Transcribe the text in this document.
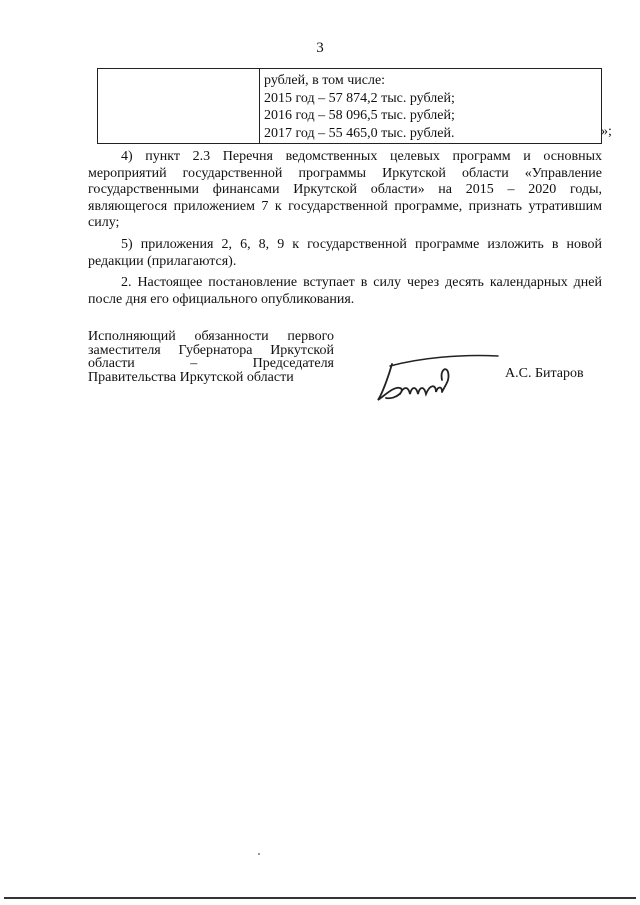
3
рублей, в том числе:
2015 год – 57 874,2 тыс. рублей;
2016 год – 58 096,5 тыс. рублей;
2017 год – 55 465,0 тыс. рублей.	»;

4) пункт 2.3 Перечня ведомственных целевых программ и основных мероприятий государственной программы Иркутской области «Управление государственными финансами Иркутской области» на 2015 – 2020 годы, являющегося приложением 7 к государственной программе, признать утратившим силу;

5) приложения 2, 6, 8, 9 к государственной программе изложить в новой редакции (прилагаются).

2. Настоящее постановление вступает в силу через десять календарных дней после дня его официального опубликования.

Исполняющий обязанности первого
заместителя Губернатора Иркутской
области – Председателя
Правительства Иркутской области	А.С. Битаров
